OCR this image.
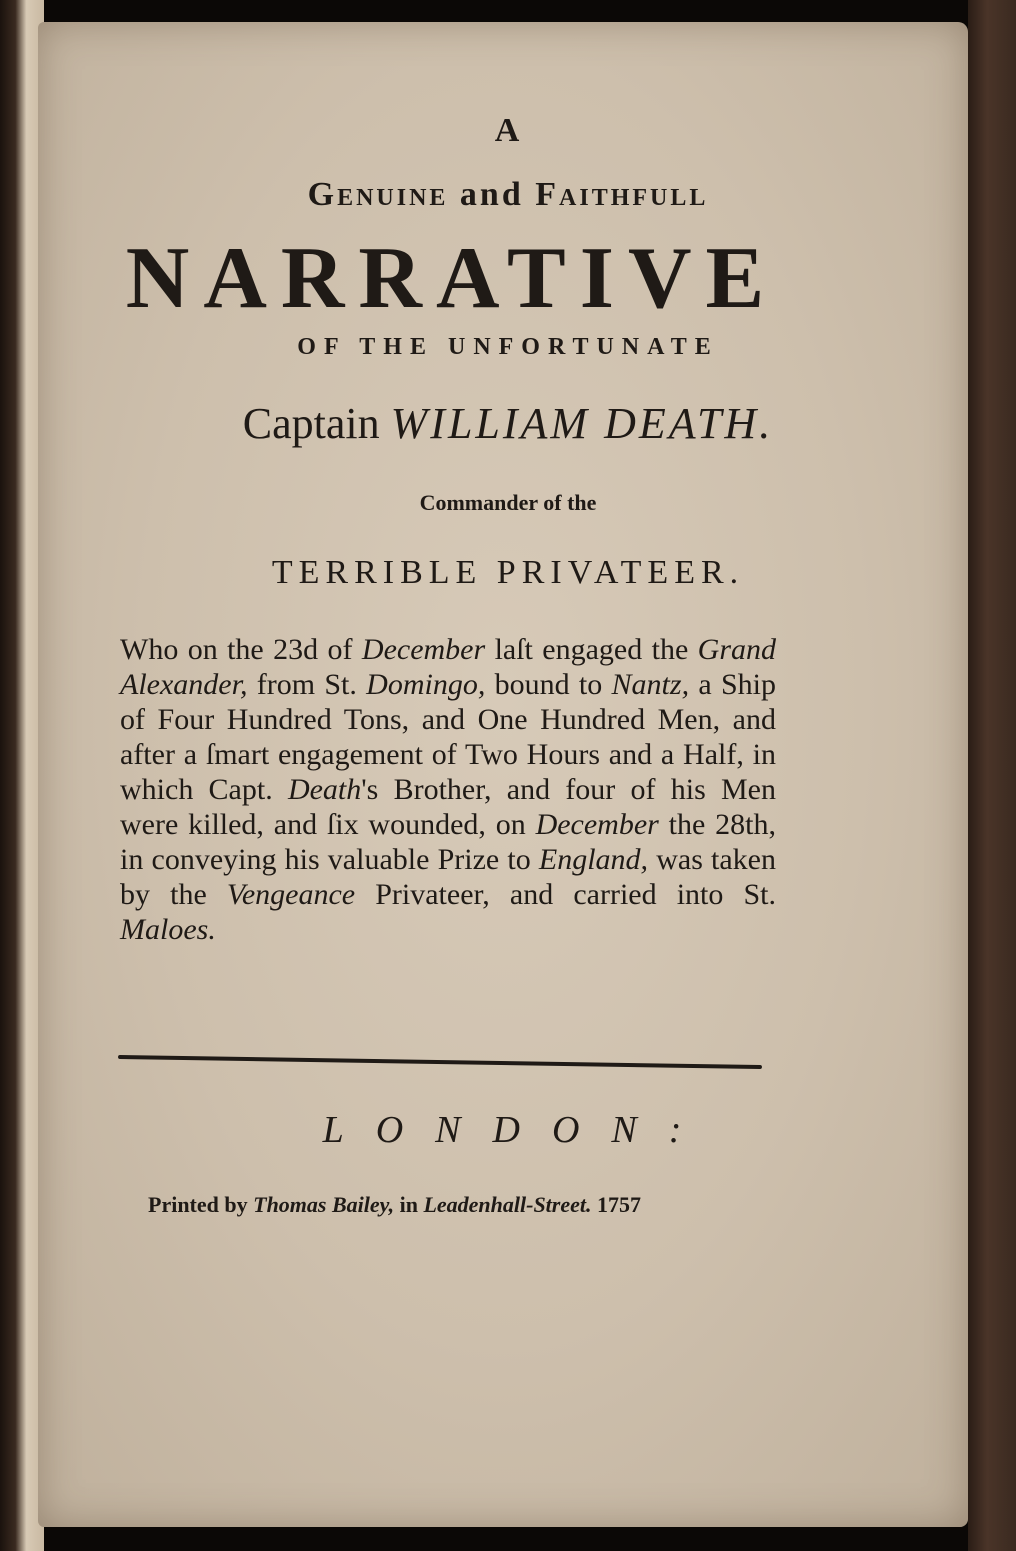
A

Genuine and Faithfull

NARRATIVE

OF THE UNFORTUNATE

Captain WILLIAM DEATH.

Commander of the

TERRIBLE PRIVATEER.

Who on the 23d of December laſt engaged the Grand Alexander, from St. Domingo, bound to Nantz, a Ship of Four Hundred Tons, and One Hundred Men, and after a ſmart engagement of Two Hours and a Half, in which Capt. Death's Brother, and four of his Men were killed, and ſix wounded, on December the 28th, in conveying his valuable Prize to England, was taken by the Vengeance Privateer, and carried into St. Maloes.

LONDON:

Printed by Thomas Bailey, in Leadenhall-Street. 1757
